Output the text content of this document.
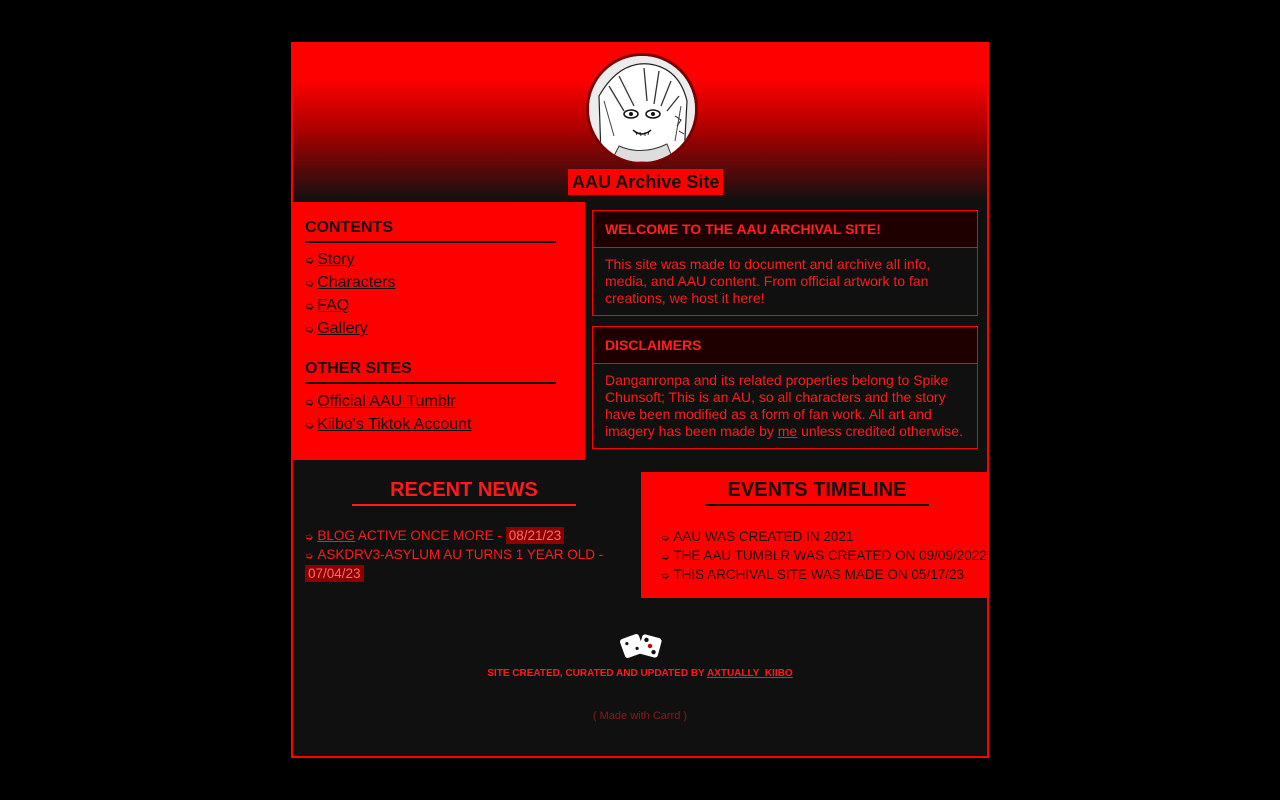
AAU Archive Site
CONTENTS
➭ Story
➭ Characters
➭ FAQ
➭ Gallery
OTHER SITES
➭ Official AAU Tumblr
➭ Kiibo's Tiktok Account
WELCOME TO THE AAU ARCHIVAL SITE!
This site was made to document and archive all info, media, and AAU content. From official artwork to fan creations, we host it here!
DISCLAIMERS
Danganronpa and its related properties belong to Spike Chunsoft; This is an AU, so all characters and the story have been modified as a form of fan work. All art and imagery has been made by me unless credited otherwise.
RECENT NEWS
➭ BLOG ACTIVE ONCE MORE - 08/21/23
➭ ASKDRV3-ASYLUM AU TURNS 1 YEAR OLD - 07/04/23
EVENTS TIMELINE
➭ AAU WAS CREATED IN 2021
➭ THE AAU TUMBLR WAS CREATED ON 09/09/2022
➭ THIS ARCHIVAL SITE WAS MADE ON 05/17/23
SITE CREATED, CURATED AND UPDATED BY AXTUALLY_KIIBO
( Made with Carrd )
